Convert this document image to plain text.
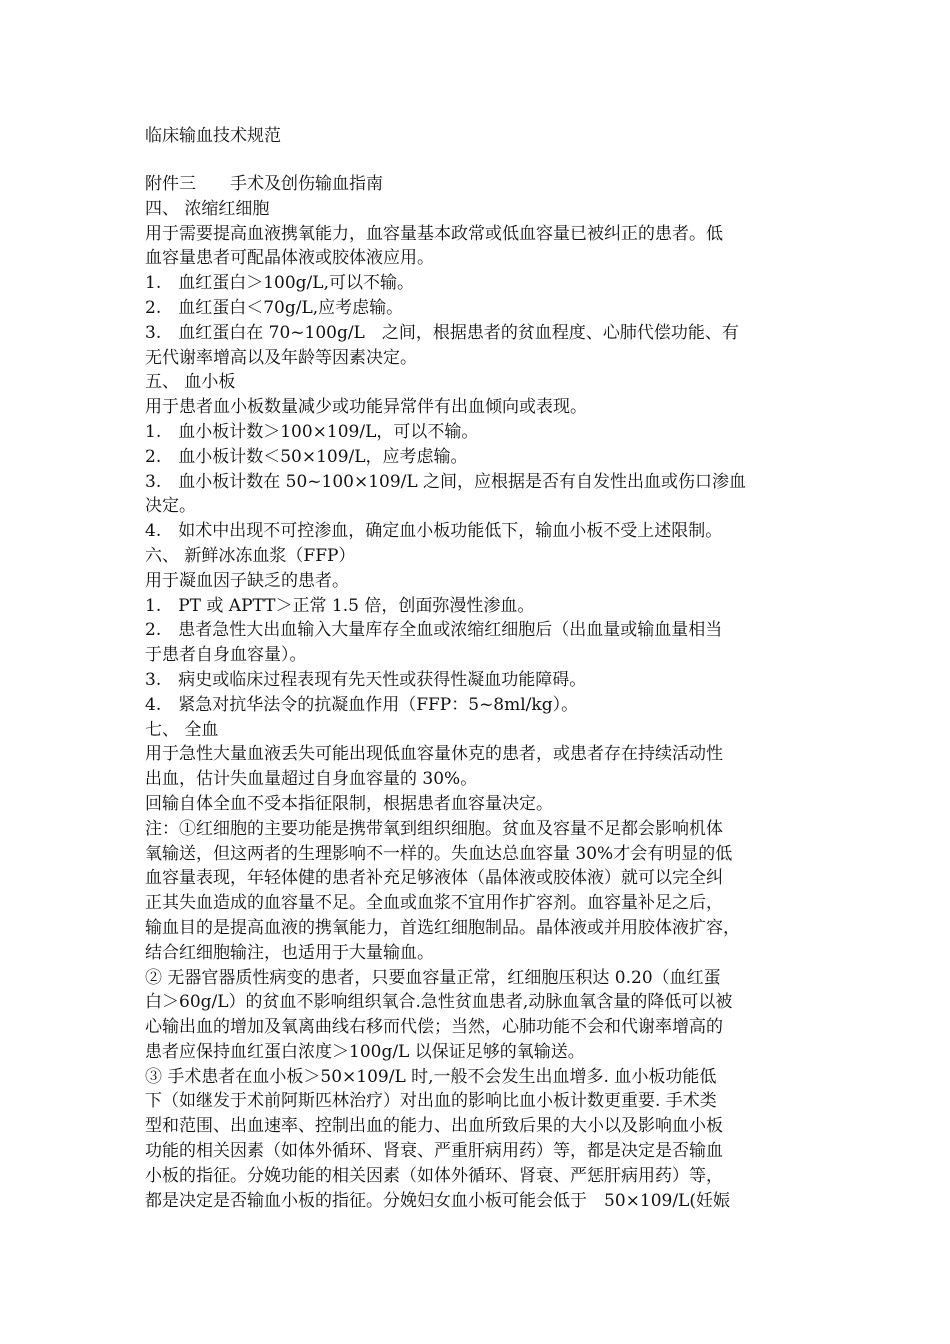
临床输血技术规范
附件三　　手术及创伤输血指南
四、 浓缩红细胞
用于需要提高血液携氧能力，血容量基本政常或低血容量已被纠正的患者。低
血容量患者可配晶体液或胶体液应用。
1.　血红蛋白＞100g/L,可以不输。
2.　血红蛋白＜70g/L,应考虑输。
3.　血红蛋白在 70~100g/L　之间，根据患者的贫血程度、心肺代偿功能、有
无代谢率增高以及年龄等因素决定。
五、 血小板
用于患者血小板数量减少或功能异常伴有出血倾向或表现。
1.　血小板计数＞100×109/L，可以不输。
2.　血小板计数＜50×109/L，应考虑输。
3.　血小板计数在 50~100×109/L 之间，应根据是否有自发性出血或伤口渗血
决定。
4.　如术中出现不可控渗血，确定血小板功能低下，输血小板不受上述限制。
六、 新鲜冰冻血浆（FFP）
用于凝血因子缺乏的患者。
1.　PT 或 APTT＞正常 1.5 倍，创面弥漫性渗血。
2.　患者急性大出血输入大量库存全血或浓缩红细胞后（出血量或输血量相当
于患者自身血容量）。
3.　病史或临床过程表现有先天性或获得性凝血功能障碍。
4.　紧急对抗华法令的抗凝血作用（FFP：5~8ml/kg）。
七、 全血
用于急性大量血液丢失可能出现低血容量休克的患者，或患者存在持续活动性
出血，估计失血量超过自身血容量的 30%。
回输自体全血不受本指征限制，根据患者血容量决定。
注：①红细胞的主要功能是携带氧到组织细胞。贫血及容量不足都会影响机体
氧输送，但这两者的生理影响不一样的。失血达总血容量 30%才会有明显的低
血容量表现，年轻体健的患者补充足够液体（晶体液或胶体液）就可以完全纠
正其失血造成的血容量不足。全血或血浆不宜用作扩容剂。血容量补足之后，
输血目的是提高血液的携氧能力，首选红细胞制品。晶体液或并用胶体液扩容，
结合红细胞输注，也适用于大量输血。
② 无器官器质性病变的患者，只要血容量正常，红细胞压积达 0.20（血红蛋
白＞60g/L）的贫血不影响组织氧合.急性贫血患者,动脉血氧含量的降低可以被
心输出血的增加及氧离曲线右移而代偿；当然，心肺功能不会和代谢率增高的
患者应保持血红蛋白浓度＞100g/L 以保证足够的氧输送。
③ 手术患者在血小板＞50×109/L 时,一般不会发生出血增多. 血小板功能低
下（如继发于术前阿斯匹林治疗）对出血的影响比血小板计数更重要. 手术类
型和范围、出血速率、控制出血的能力、出血所致后果的大小以及影响血小板
功能的相关因素（如体外循环、肾衰、严重肝病用药）等，都是决定是否输血
小板的指征。分娩功能的相关因素（如体外循环、肾衰、严惩肝病用药）等，
都是决定是否输血小板的指征。分娩妇女血小板可能会低于　50×109/L(妊娠
